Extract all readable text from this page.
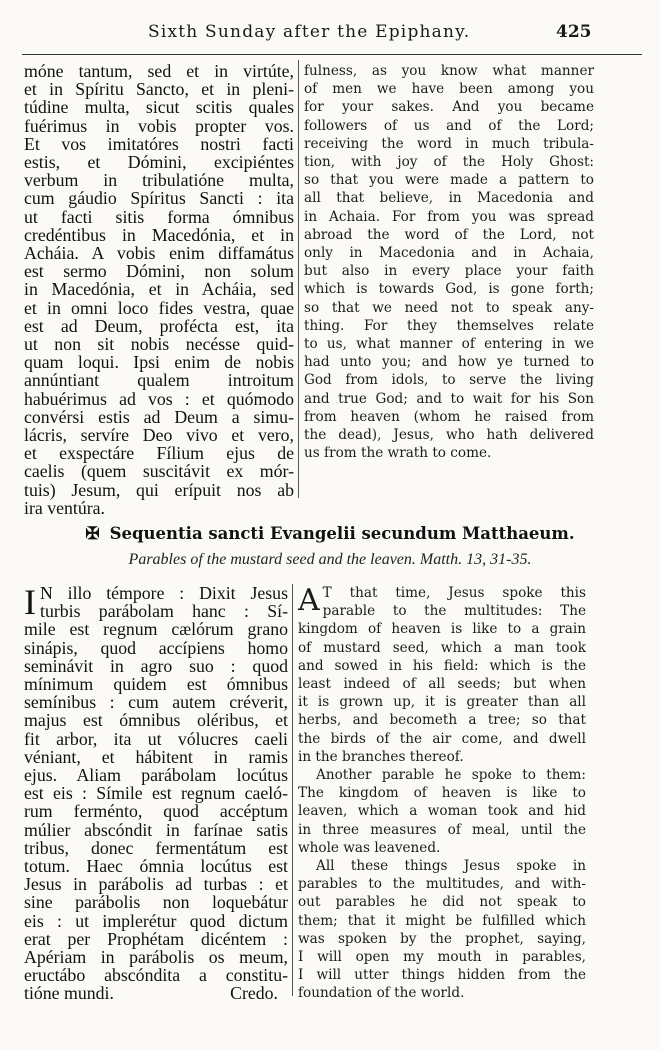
Sixth Sunday after the Epiphany.	425
móne tantum, sed et in virtúte,
et in Spíritu Sancto, et in pleni-
túdine multa, sicut scitis quales
fuérimus in vobis propter vos.
Et vos imitatóres nostri facti
estis, et Dómini, excipiéntes
verbum in tribulatióne multa,
cum gáudio Spíritus Sancti : ita
ut facti sitis forma ómnibus
credéntibus in Macedónia, et in
Acháia. A vobis enim diffamátus
est sermo Dómini, non solum
in Macedónia, et in Acháia, sed
et in omni loco fides vestra, quae
est ad Deum, profécta est, ita
ut non sit nobis necésse quid-
quam loqui. Ipsi enim de nobis
annúntiant qualem introitum
habuérimus ad vos : et quómodo
convérsi estis ad Deum a simu-
lácris, servíre Deo vivo et vero,
et exspectáre Fílium ejus de
caelis (quem suscitávit ex mór-
tuis) Jesum, qui erípuit nos ab
ira ventúra.
fulness, as you know what manner
of men we have been among you
for your sakes. And you became
followers of us and of the Lord;
receiving the word in much tribula-
tion, with joy of the Holy Ghost:
so that you were made a pattern to
all that believe, in Macedonia and
in Achaia. For from you was spread
abroad the word of the Lord, not
only in Macedonia and in Achaia,
but also in every place your faith
which is towards God, is gone forth;
so that we need not to speak any-
thing. For they themselves relate
to us, what manner of entering in we
had unto you; and how ye turned to
God from idols, to serve the living
and true God; and to wait for his Son
from heaven (whom he raised from
the dead), Jesus, who hath delivered
us from the wrath to come.
✠ Sequentia sancti Evangelii secundum Matthaeum.
Parables of the mustard seed and the leaven. Matth. 13, 31-35.
I N illo témpore : Dixit Jesus
turbis parábolam hanc : Sí-
mile est regnum cælórum grano
sinápis, quod accípiens homo
seminávit in agro suo : quod
mínimum quidem est ómnibus
semínibus : cum autem créverit,
majus est ómnibus oléribus, et
fit arbor, ita ut vólucres caeli
véniant, et hábitent in ramis
ejus. Aliam parábolam locútus
est eis : Símile est regnum caeló-
rum ferménto, quod accéptum
múlier abscóndit in farínae satis
tribus, donec fermentátum est
totum. Haec ómnia locútus est
Jesus in parábolis ad turbas : et
sine parábolis non loquebátur
eis : ut implerétur quod dictum
erat per Prophétam dicéntem :
Apériam in parábolis os meum,
eructábo abscóndita a constitu-
tióne mundi.	Credo.
A T that time, Jesus spoke this
parable to the multitudes: The
kingdom of heaven is like to a grain
of mustard seed, which a man took
and sowed in his field: which is the
least indeed of all seeds; but when
it is grown up, it is greater than all
herbs, and becometh a tree; so that
the birds of the air come, and dwell
in the branches thereof.
Another parable he spoke to them:
The kingdom of heaven is like to
leaven, which a woman took and hid
in three measures of meal, until the
whole was leavened.
All these things Jesus spoke in
parables to the multitudes, and with-
out parables he did not speak to
them; that it might be fulfilled which
was spoken by the prophet, saying,
I will open my mouth in parables,
I will utter things hidden from the
foundation of the world.
